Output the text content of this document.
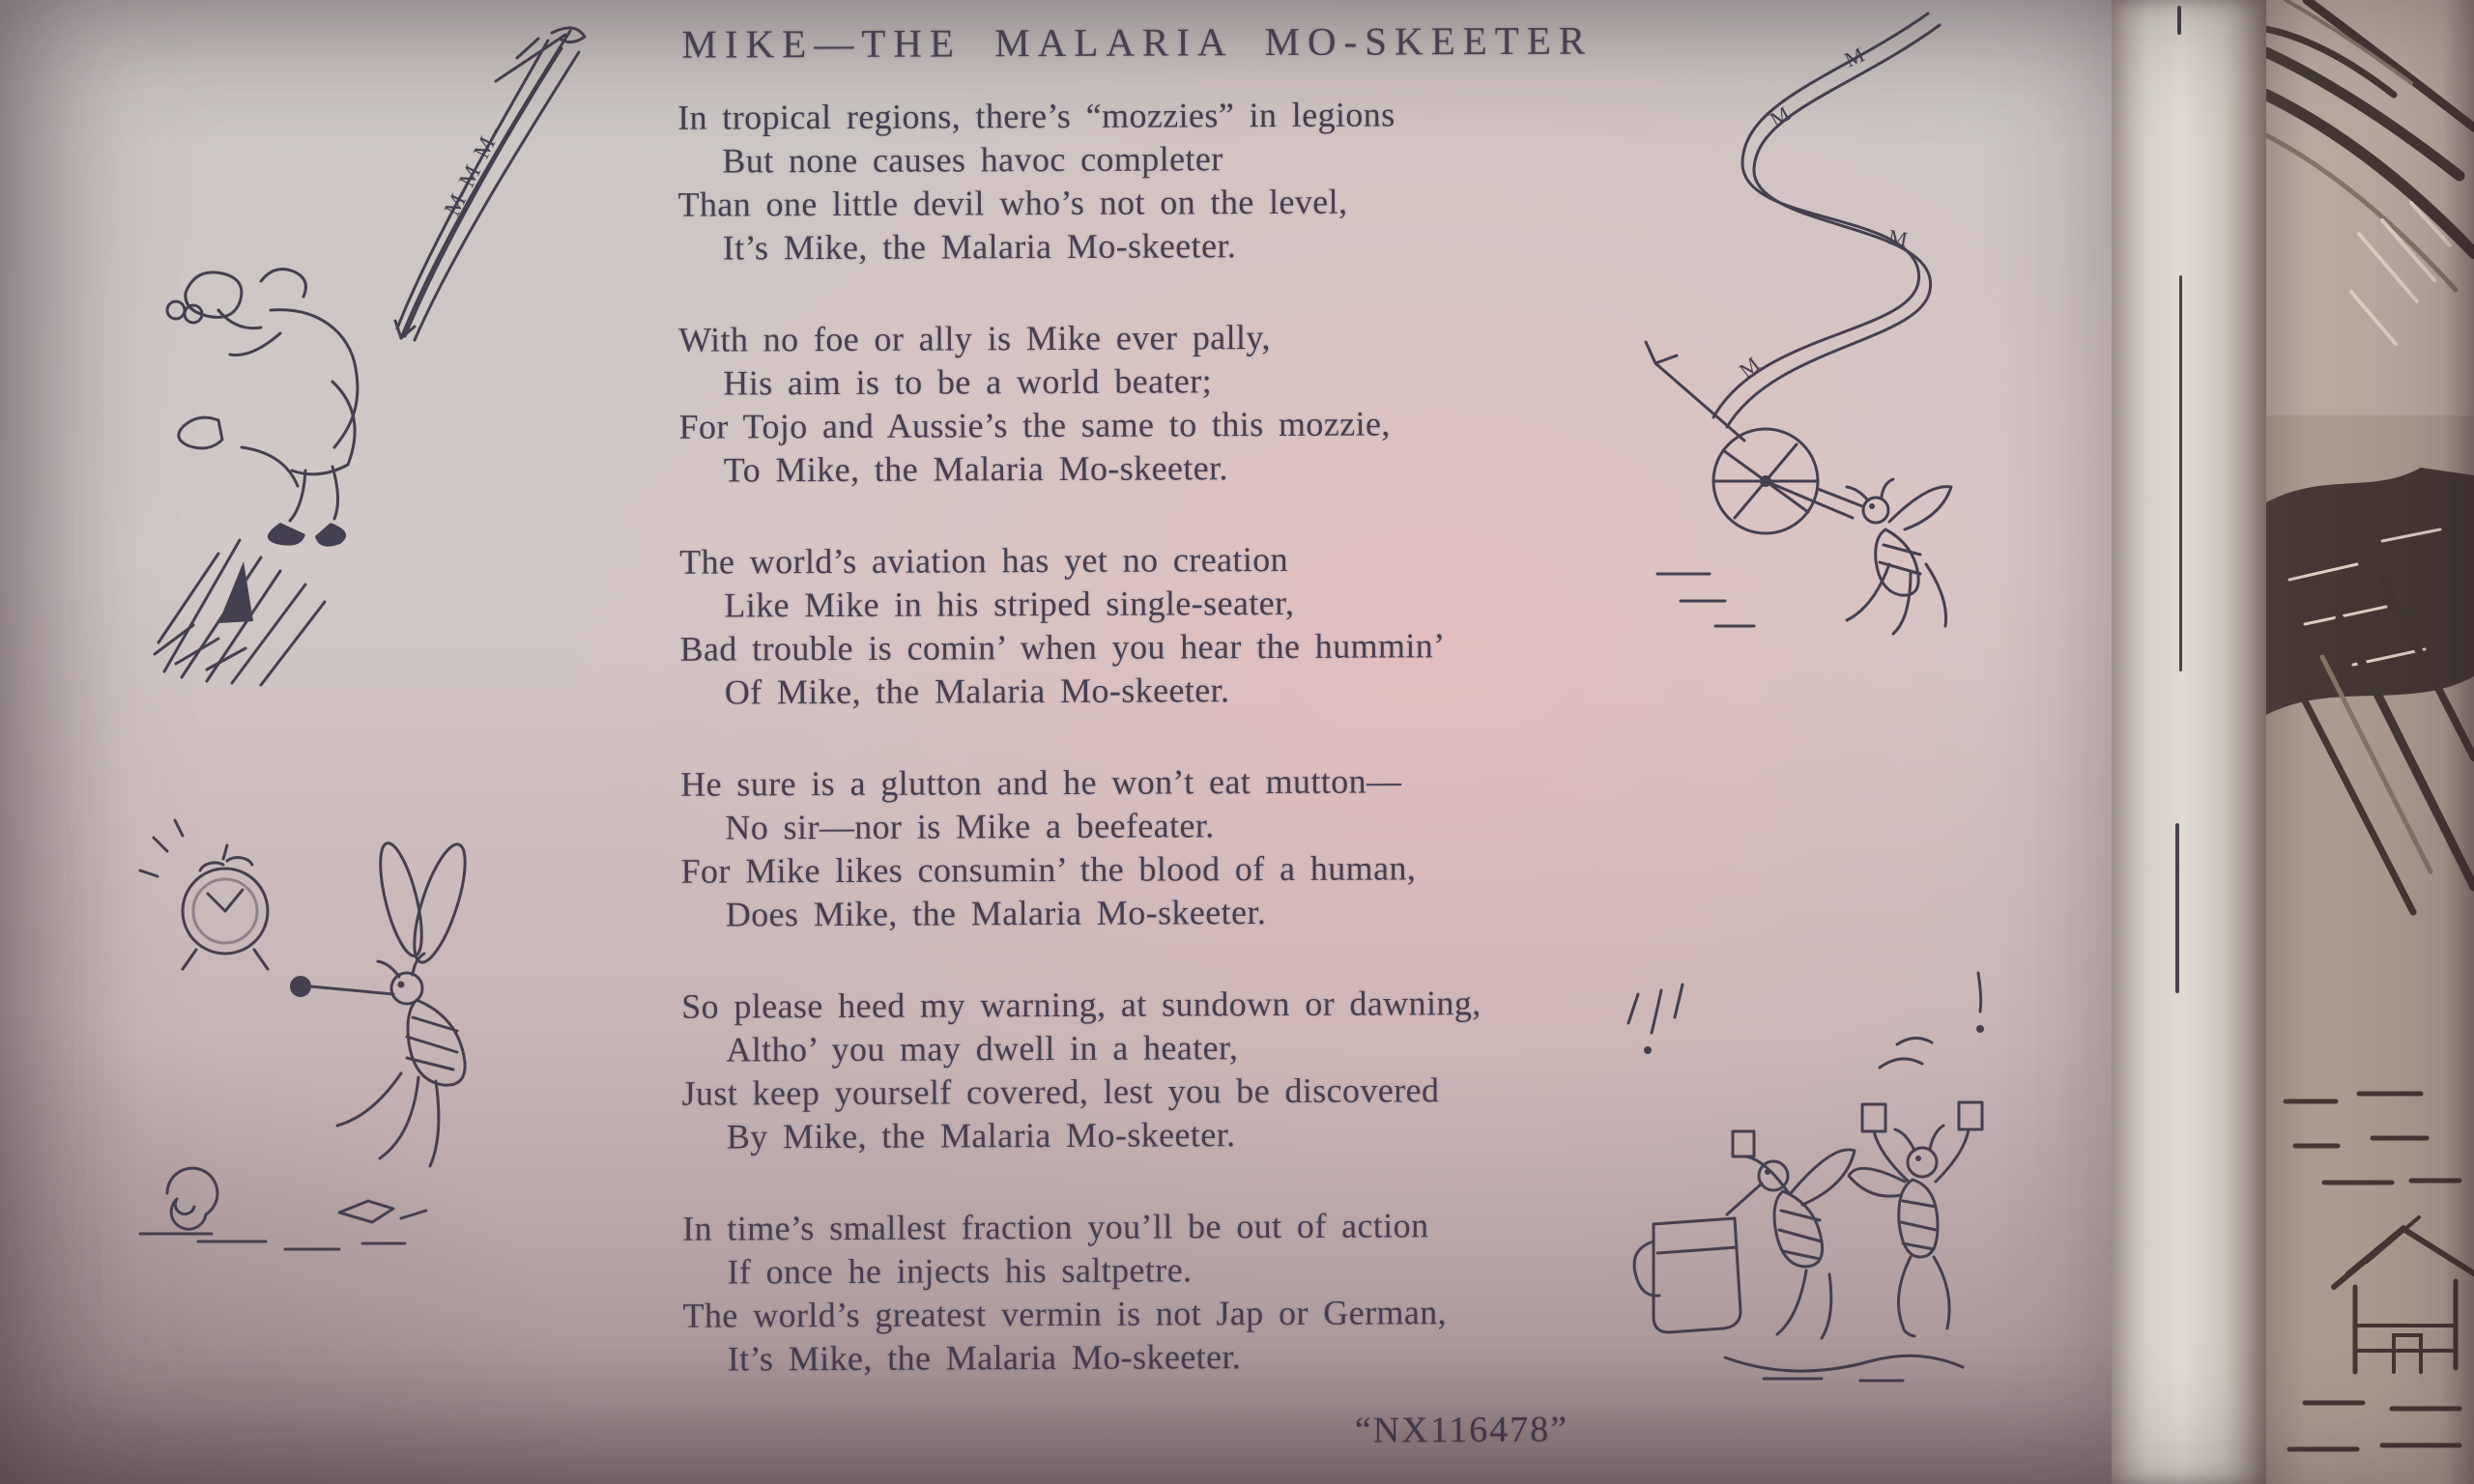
M–M–M–
M
M
M
M
MIKE—THE MALARIA MO-SKEETER
In tropical regions, there’s “mozzies” in legions
But none causes havoc completer
Than one little devil who’s not on the level,
It’s Mike, the Malaria Mo-skeeter.
With no foe or ally is Mike ever pally,
His aim is to be a world beater;
For Tojo and Aussie’s the same to this mozzie,
To Mike, the Malaria Mo-skeeter.
The world’s aviation has yet no creation
Like Mike in his striped single-seater,
Bad trouble is comin’ when you hear the hummin’
Of Mike, the Malaria Mo-skeeter.
He sure is a glutton and he won’t eat mutton—
No sir—nor is Mike a beefeater.
For Mike likes consumin’ the blood of a human,
Does Mike, the Malaria Mo-skeeter.
So please heed my warning, at sundown or dawning,
Altho’ you may dwell in a heater,
Just keep yourself covered, lest you be discovered
By Mike, the Malaria Mo-skeeter.
In time’s smallest fraction you’ll be out of action
If once he injects his saltpetre.
The world’s greatest vermin is not Jap or German,
It’s Mike, the Malaria Mo-skeeter.
“NX116478”
